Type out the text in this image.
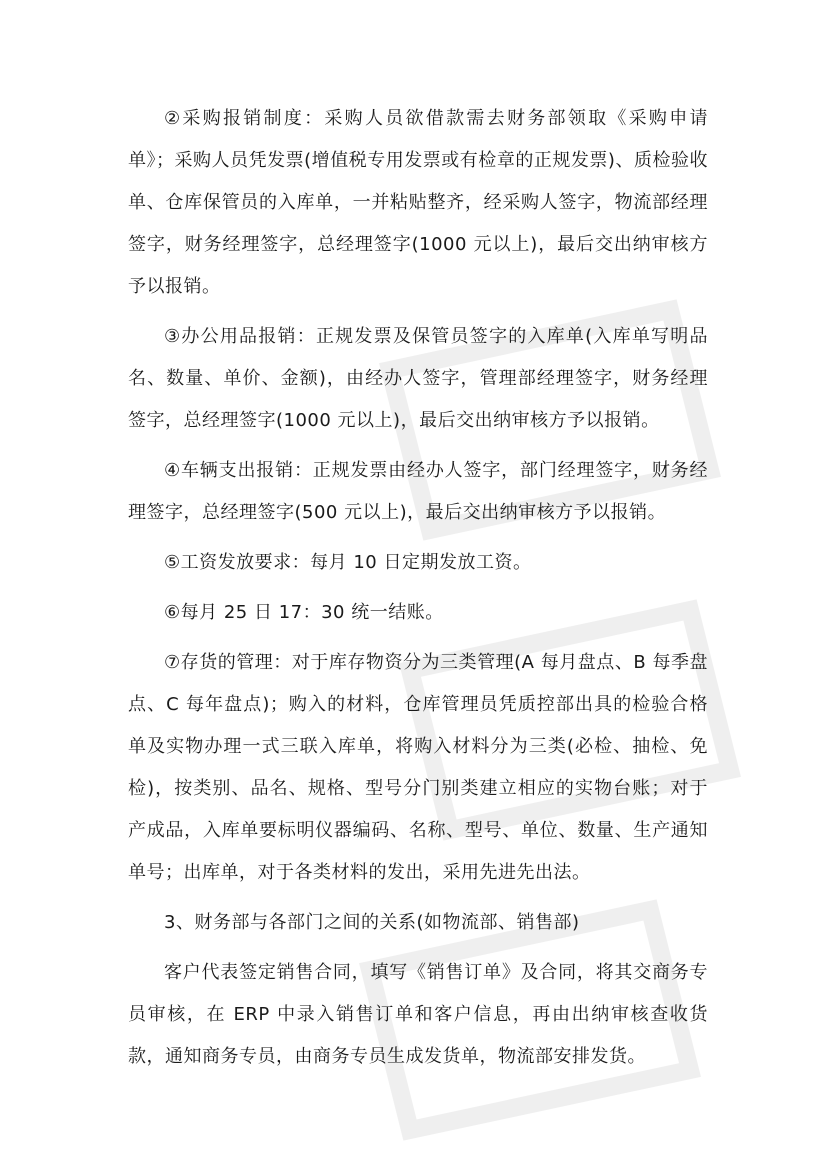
②采购报销制度：采购人员欲借款需去财务部领取《采购申请单》；采购人员凭发票(增值税专用发票或有检章的正规发票)、质检验收单、仓库保管员的入库单，一并粘贴整齐，经采购人签字，物流部经理签字，财务经理签字，总经理签字(1000 元以上)，最后交出纳审核方予以报销。

③办公用品报销：正规发票及保管员签字的入库单(入库单写明品名、数量、单价、金额)，由经办人签字，管理部经理签字，财务经理签字，总经理签字(1000 元以上)，最后交出纳审核方予以报销。

④车辆支出报销：正规发票由经办人签字，部门经理签字，财务经理签字，总经理签字(500 元以上)，最后交出纳审核方予以报销。

⑤工资发放要求：每月 10 日定期发放工资。

⑥每月 25 日 17：30 统一结账。

⑦存货的管理：对于库存物资分为三类管理(A 每月盘点、B 每季盘点、C 每年盘点)；购入的材料，仓库管理员凭质控部出具的检验合格单及实物办理一式三联入库单，将购入材料分为三类(必检、抽检、免检)，按类别、品名、规格、型号分门别类建立相应的实物台账；对于产成品，入库单要标明仪器编码、名称、型号、单位、数量、生产通知单号；出库单，对于各类材料的发出，采用先进先出法。

3、财务部与各部门之间的关系(如物流部、销售部)

客户代表签定销售合同，填写《销售订单》及合同，将其交商务专员审核，在 ERP 中录入销售订单和客户信息，再由出纳审核查收货款，通知商务专员，由商务专员生成发货单，物流部安排发货。
